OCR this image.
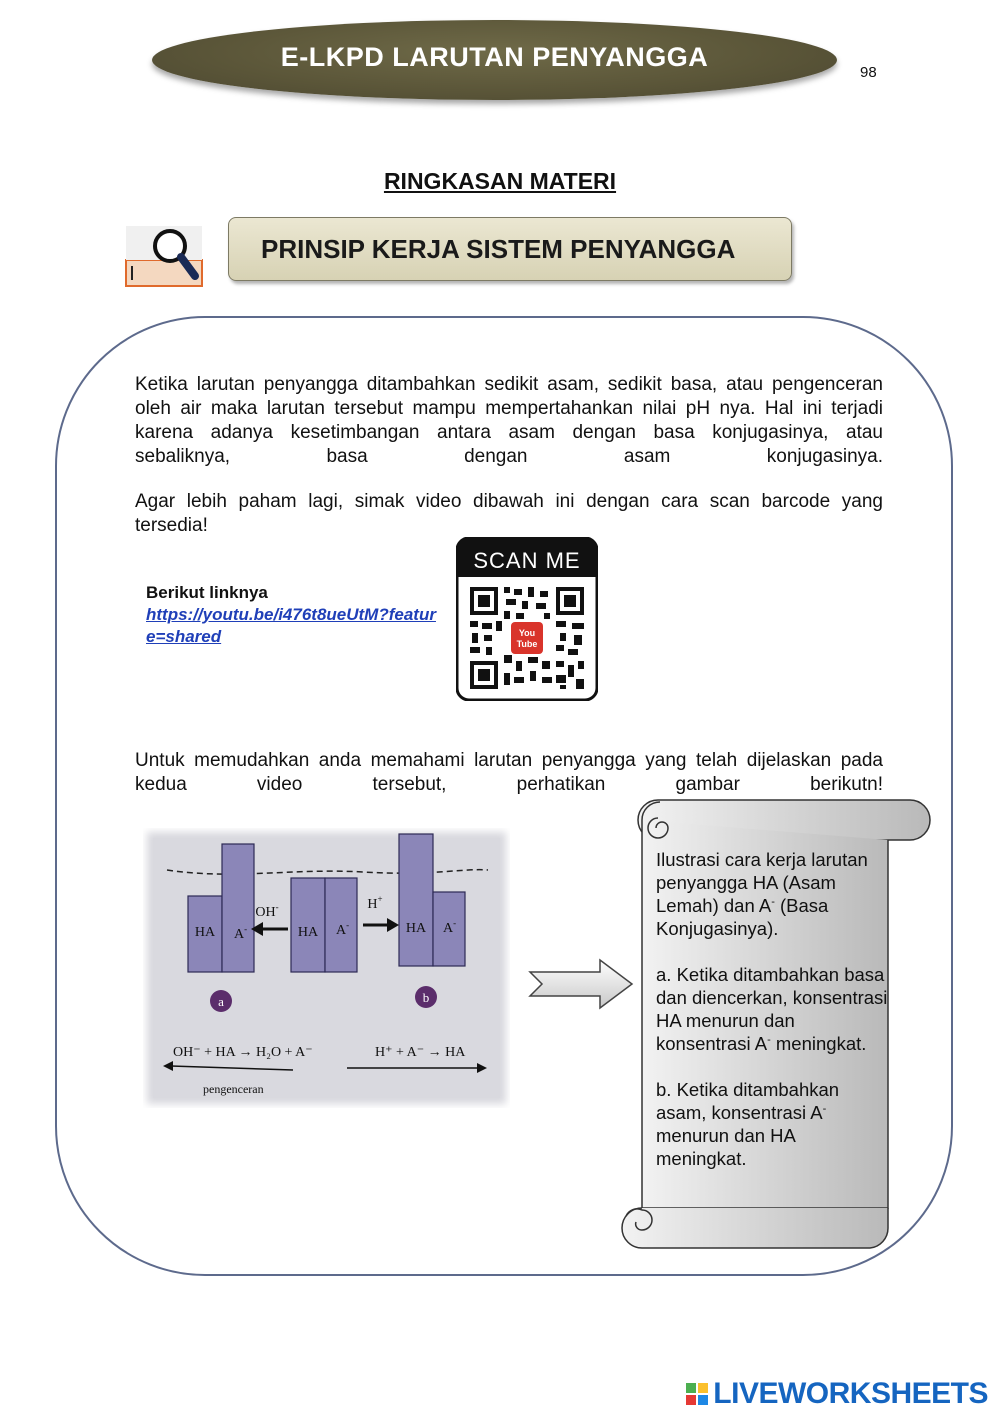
E-LKPD LARUTAN PENYANGGA
98
RINGKASAN MATERI
PRINSIP KERJA SISTEM PENYANGGA
Ketika larutan penyangga ditambahkan sedikit asam, sedikit basa, atau pengenceran oleh air maka larutan tersebut mampu mempertahankan nilai pH nya. Hal ini terjadi karena adanya kesetimbangan antara asam dengan basa konjugasinya, atau sebaliknya, basa dengan asam konjugasinya.
Agar lebih paham lagi, simak video dibawah ini dengan cara scan barcode yang tersedia!
Berikut linknya
https://youtu.be/i476t8ueUtM?feature=shared
SCAN ME
You
Tube
Untuk memudahkan anda memahami larutan penyangga yang telah dijelaskan pada kedua video tersebut, perhatikan gambar berikutn!
HA A-	HA A-	HA A-
OH-	H+
a	b
OH⁻ + HA → H₂O + A⁻	H⁺ + A⁻ → HA
pengenceran

Ilustrasi cara kerja larutan penyangga HA (Asam Lemah) dan A- (Basa Konjugasinya).

a. Ketika ditambahkan basa dan diencerkan, konsentrasi HA menurun dan konsentrasi A- meningkat.

b. Ketika ditambahkan asam, konsentrasi A- menurun dan HA meningkat.

LIVEWORKSHEETS
